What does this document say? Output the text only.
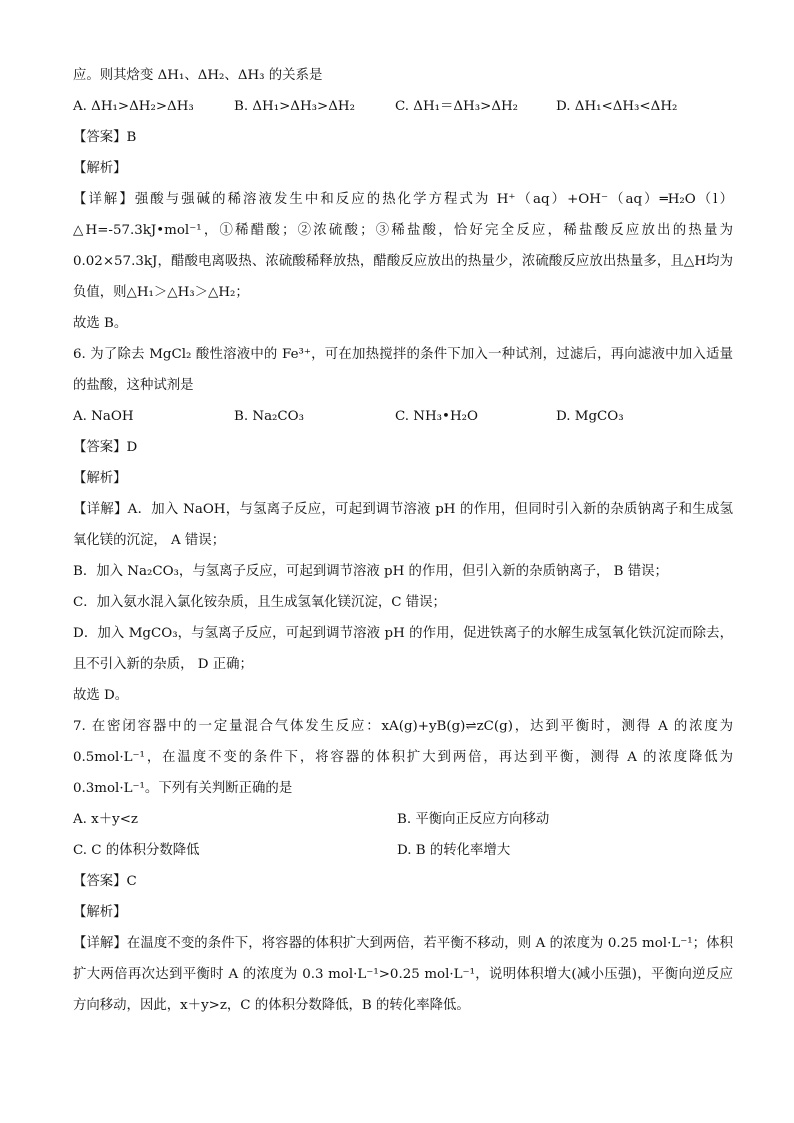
应。则其焓变 ΔH₁、ΔH₂、ΔH₃ 的关系是
A. ΔH₁>ΔH₂>ΔH₃	B. ΔH₁>ΔH₃>ΔH₂	C. ΔH₁＝ΔH₃>ΔH₂	D. ΔH₁<ΔH₃<ΔH₂
【答案】B
【解析】
【详解】强酸与强碱的稀溶液发生中和反应的热化学方程式为 H⁺（aq）+OH⁻（aq）═H₂O（l）△H=-57.3kJ•mol⁻¹，①稀醋酸；②浓硫酸；③稀盐酸，恰好完全反应，稀盐酸反应放出的热量为 0.02×57.3kJ，醋酸电离吸热、浓硫酸稀释放热，醋酸反应放出的热量少，浓硫酸反应放出热量多，且△H均为负值，则△H₁＞△H₃＞△H₂；
故选 B。
6. 为了除去 MgCl₂ 酸性溶液中的 Fe³⁺，可在加热搅拌的条件下加入一种试剂，过滤后，再向滤液中加入适量的盐酸，这种试剂是
A. NaOH	B. Na₂CO₃	C. NH₃•H₂O	D. MgCO₃
【答案】D
【解析】
【详解】A．加入 NaOH，与氢离子反应，可起到调节溶液 pH 的作用，但同时引入新的杂质钠离子和生成氢氧化镁的沉淀， A 错误；
B．加入 Na₂CO₃，与氢离子反应，可起到调节溶液 pH 的作用，但引入新的杂质钠离子， B 错误；
C．加入氨水混入氯化铵杂质，且生成氢氧化镁沉淀，C 错误；
D．加入 MgCO₃，与氢离子反应，可起到调节溶液 pH 的作用，促进铁离子的水解生成氢氧化铁沉淀而除去，且不引入新的杂质， D 正确；
故选 D。
7. 在密闭容器中的一定量混合气体发生反应：xA(g)+yB(g)⇌zC(g)，达到平衡时，测得 A 的浓度为 0.5mol·L⁻¹，在温度不变的条件下，将容器的体积扩大到两倍，再达到平衡，测得 A 的浓度降低为 0.3mol·L⁻¹。下列有关判断正确的是
A. x＋y<z	B. 平衡向正反应方向移动
C. C 的体积分数降低	D. B 的转化率增大
【答案】C
【解析】
【详解】在温度不变的条件下，将容器的体积扩大到两倍，若平衡不移动，则 A 的浓度为 0.25 mol·L⁻¹；体积扩大两倍再次达到平衡时 A 的浓度为 0.3 mol·L⁻¹>0.25 mol·L⁻¹，说明体积增大(减小压强)，平衡向逆反应方向移动，因此，x＋y>z，C 的体积分数降低，B 的转化率降低。
